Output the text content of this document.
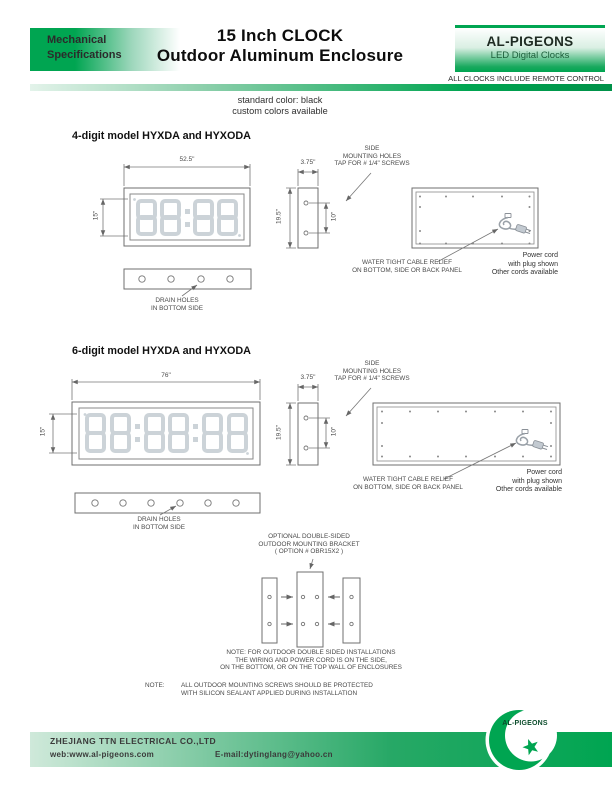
Mechanical
Specifications
15 Inch CLOCK
Outdoor Aluminum Enclosure
AL-PIGEONS
LED Digital Clocks
ALL CLOCKS INCLUDE REMOTE CONTROL
standard color: black
custom colors available
4-digit model HYXDA and HYXODA
6-digit model HYXDA and HYXODA
52.5"
15"
3.75"
19.5"	10"
SIDE
MOUNTING HOLES
TAP FOR # 1/4" SCREWS
DRAIN HOLES
IN BOTTOM SIDE
WATER TIGHT CABLE RELIEF
ON BOTTOM, SIDE OR BACK PANEL
Power cord
with plug shown
Other cords available
76"
15"
3.75"
19.5"	10"
SIDE
MOUNTING HOLES
TAP FOR # 1/4" SCREWS
DRAIN HOLES
IN BOTTOM SIDE
WATER TIGHT CABLE RELIEF
ON BOTTOM, SIDE OR BACK PANEL
Power cord
with plug shown
Other cords available
OPTIONAL DOUBLE-SIDED
OUTDOOR MOUNTING BRACKET
( OPTION # OBR15X2 )
NOTE: FOR OUTDOOR DOUBLE SIDED INSTALLATIONS
THE WIRING AND POWER CORD IS ON THE SIDE,
ON THE BOTTOM, OR ON THE TOP WALL OF ENCLOSURES
NOTE:	ALL OUTDOOR MOUNTING SCREWS SHOULD BE PROTECTED
WITH SILICON SEALANT APPLIED DURING INSTALLATION
ZHEJIANG TTN ELECTRICAL CO.,LTD
web:www.al-pigeons.com	E-mail:dytinglang@yahoo.cn
AL-PIGEONS
